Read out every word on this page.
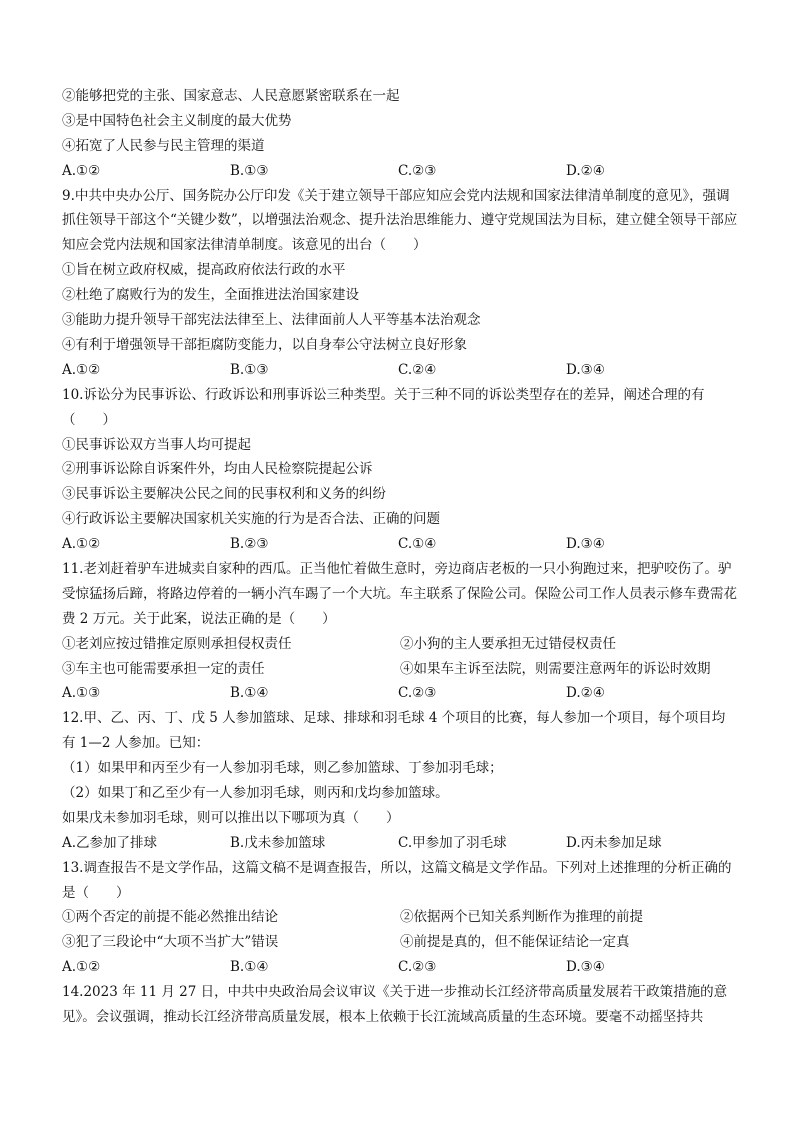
②能够把党的主张、国家意志、人民意愿紧密联系在一起
③是中国特色社会主义制度的最大优势
④拓宽了人民参与民主管理的渠道
A.①②	B.①③	C.②③	D.②④
9.中共中央办公厅、国务院办公厅印发《关于建立领导干部应知应会党内法规和国家法律清单制度的意见》，强调抓住领导干部这个“关键少数”，以增强法治观念、提升法治思维能力、遵守党规国法为目标，建立健全领导干部应知应会党内法规和国家法律清单制度。该意见的出台（　　）
①旨在树立政府权威，提高政府依法行政的水平
②杜绝了腐败行为的发生，全面推进法治国家建设
③能助力提升领导干部宪法法律至上、法律面前人人平等基本法治观念
④有利于增强领导干部拒腐防变能力，以自身奉公守法树立良好形象
A.①②	B.①③	C.②④	D.③④
10.诉讼分为民事诉讼、行政诉讼和刑事诉讼三种类型。关于三种不同的诉讼类型存在的差异，阐述合理的有（　　）
①民事诉讼双方当事人均可提起
②刑事诉讼除自诉案件外，均由人民检察院提起公诉
③民事诉讼主要解决公民之间的民事权利和义务的纠纷
④行政诉讼主要解决国家机关实施的行为是否合法、正确的问题
A.①②	B.②③	C.①④	D.③④
11.老刘赶着驴车进城卖自家种的西瓜。正当他忙着做生意时，旁边商店老板的一只小狗跑过来，把驴咬伤了。驴受惊猛扬后蹄，将路边停着的一辆小汽车踢了一个大坑。车主联系了保险公司。保险公司工作人员表示修车费需花费 2 万元。关于此案，说法正确的是（　　）
①老刘应按过错推定原则承担侵权责任	②小狗的主人要承担无过错侵权责任
③车主也可能需要承担一定的责任	④如果车主诉至法院，则需要注意两年的诉讼时效期
A.①③	B.①④	C.②③	D.②④
12.甲、乙、丙、丁、戊 5 人参加篮球、足球、排球和羽毛球 4 个项目的比赛，每人参加一个项目，每个项目均有 1—2 人参加。已知：
（1）如果甲和丙至少有一人参加羽毛球，则乙参加篮球、丁参加羽毛球；
（2）如果丁和乙至少有一人参加羽毛球，则丙和戊均参加篮球。
如果戊未参加羽毛球，则可以推出以下哪项为真（　　）
A.乙参加了排球	B.戊未参加篮球	C.甲参加了羽毛球	D.丙未参加足球
13.调查报告不是文学作品，这篇文稿不是调查报告，所以，这篇文稿是文学作品。下列对上述推理的分析正确的是（　　）
①两个否定的前提不能必然推出结论	②依据两个已知关系判断作为推理的前提
③犯了三段论中“大项不当扩大”错误	④前提是真的，但不能保证结论一定真
A.①②	B.①④	C.②③	D.③④
14.2023 年 11 月 27 日，中共中央政治局会议审议《关于进一步推动长江经济带高质量发展若干政策措施的意见》。会议强调，推动长江经济带高质量发展，根本上依赖于长江流域高质量的生态环境。要毫不动摇坚持共
